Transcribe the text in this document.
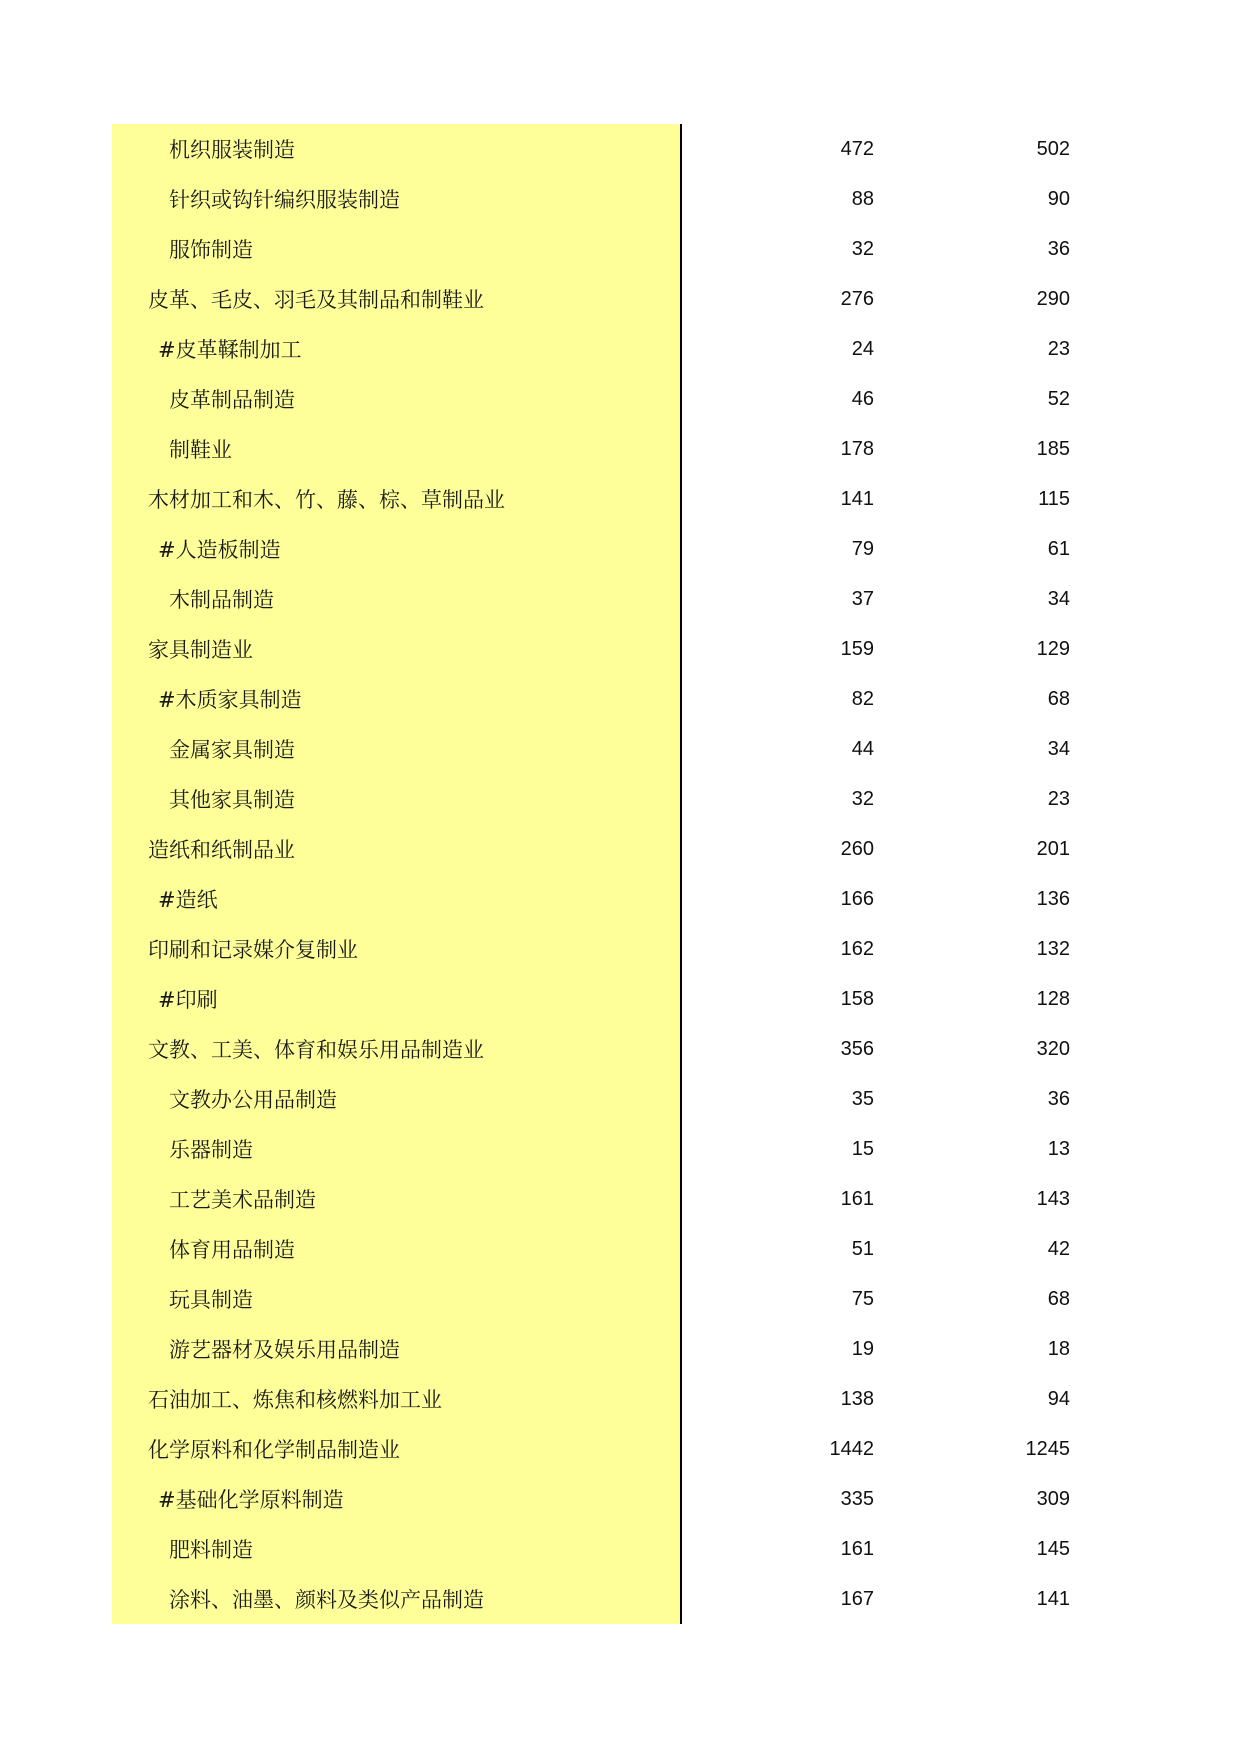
机织服装制造	472	502
针织或钩针编织服装制造	88	90
服饰制造	32	36
皮革、毛皮、羽毛及其制品和制鞋业	276	290
#皮革鞣制加工	24	23
皮革制品制造	46	52
制鞋业	178	185
木材加工和木、竹、藤、棕、草制品业	141	115
#人造板制造	79	61
木制品制造	37	34
家具制造业	159	129
#木质家具制造	82	68
金属家具制造	44	34
其他家具制造	32	23
造纸和纸制品业	260	201
#造纸	166	136
印刷和记录媒介复制业	162	132
#印刷	158	128
文教、工美、体育和娱乐用品制造业	356	320
文教办公用品制造	35	36
乐器制造	15	13
工艺美术品制造	161	143
体育用品制造	51	42
玩具制造	75	68
游艺器材及娱乐用品制造	19	18
石油加工、炼焦和核燃料加工业	138	94
化学原料和化学制品制造业	1442	1245
#基础化学原料制造	335	309
肥料制造	161	145
涂料、油墨、颜料及类似产品制造	167	141
